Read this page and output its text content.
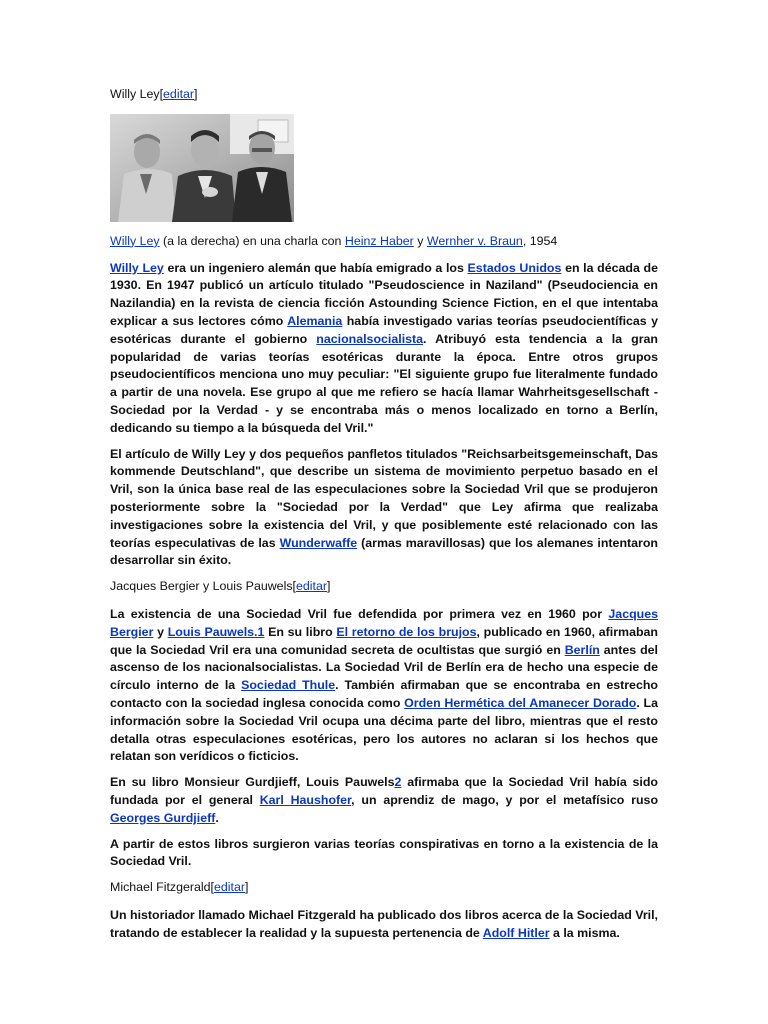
Willy Ley[editar]

Willy Ley (a la derecha) en una charla con Heinz Haber y Wernher v. Braun, 1954

Willy Ley era un ingeniero alemán que había emigrado a los Estados Unidos en la década de 1930. En 1947 publicó un artículo titulado "Pseudoscience in Naziland" (Pseudociencia en Nazilandia) en la revista de ciencia ficción Astounding Science Fiction, en el que intentaba explicar a sus lectores cómo Alemania había investigado varias teorías pseudocientíficas y esotéricas durante el gobierno nacionalsocialista. Atribuyó esta tendencia a la gran popularidad de varias teorías esotéricas durante la época. Entre otros grupos pseudocientíficos menciona uno muy peculiar: "El siguiente grupo fue literalmente fundado a partir de una novela. Ese grupo al que me refiero se hacía llamar Wahrheitsgesellschaft - Sociedad por la Verdad - y se encontraba más o menos localizado en torno a Berlín, dedicando su tiempo a la búsqueda del Vril."

El artículo de Willy Ley y dos pequeños panfletos titulados "Reichsarbeitsgemeinschaft, Das kommende Deutschland", que describe un sistema de movimiento perpetuo basado en el Vril, son la única base real de las especulaciones sobre la Sociedad Vril que se produjeron posteriormente sobre la "Sociedad por la Verdad" que Ley afirma que realizaba investigaciones sobre la existencia del Vril, y que posiblemente esté relacionado con las teorías especulativas de las Wunderwaffe (armas maravillosas) que los alemanes intentaron desarrollar sin éxito.

Jacques Bergier y Louis Pauwels[editar]

La existencia de una Sociedad Vril fue defendida por primera vez en 1960 por Jacques Bergier y Louis Pauwels.1 En su libro El retorno de los brujos, publicado en 1960, afirmaban que la Sociedad Vril era una comunidad secreta de ocultistas que surgió en Berlín antes del ascenso de los nacionalsocialistas. La Sociedad Vril de Berlín era de hecho una especie de círculo interno de la Sociedad Thule. También afirmaban que se encontraba en estrecho contacto con la sociedad inglesa conocida como Orden Hermética del Amanecer Dorado. La información sobre la Sociedad Vril ocupa una décima parte del libro, mientras que el resto detalla otras especulaciones esotéricas, pero los autores no aclaran si los hechos que relatan son verídicos o ficticios.

En su libro Monsieur Gurdjieff, Louis Pauwels2 afirmaba que la Sociedad Vril había sido fundada por el general Karl Haushofer, un aprendiz de mago, y por el metafísico ruso Georges Gurdjieff.

A partir de estos libros surgieron varias teorías conspirativas en torno a la existencia de la Sociedad Vril.

Michael Fitzgerald[editar]

Un historiador llamado Michael Fitzgerald ha publicado dos libros acerca de la Sociedad Vril, tratando de establecer la realidad y la supuesta pertenencia de Adolf Hitler a la misma.
